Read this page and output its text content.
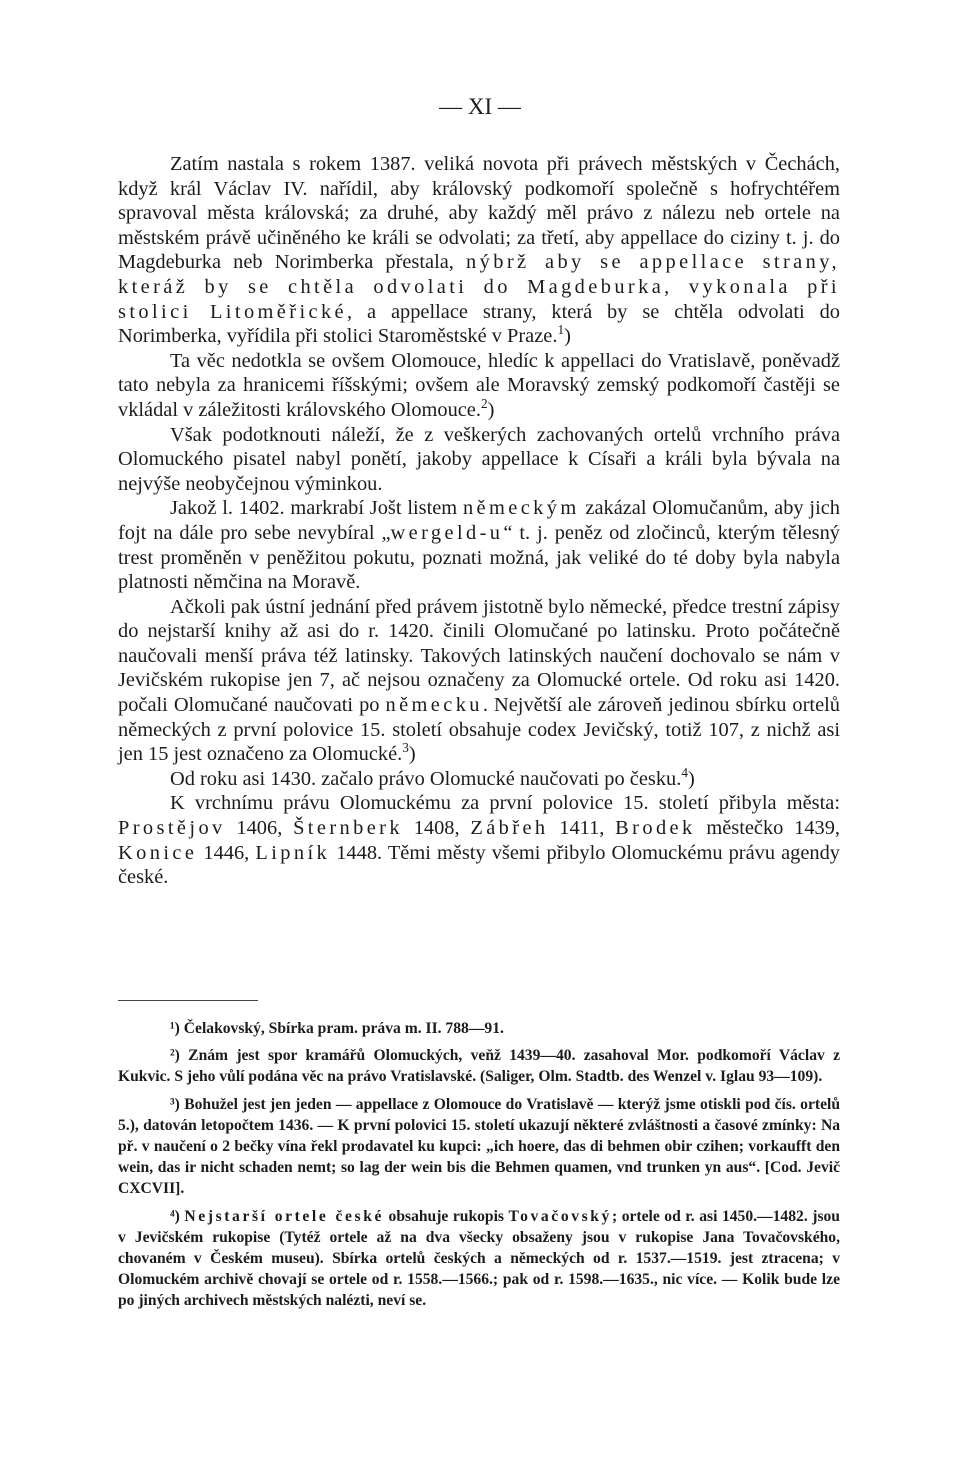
— XI —

Zatím nastala s rokem 1387. veliká novota při právech městských v Čechách, když král Václav IV. nařídil, aby královský podkomoří společně s hofrychtéřem spravoval města královská; za druhé, aby každý měl právo z nálezu neb ortele na městském právě učiněného ke králi se odvolati; za třetí, aby appellace do ciziny t. j. do Magdeburka neb Norimberka přestala, nýbrž aby se appellace strany, kteráž by se chtěla odvolati do Magdeburka, vykonala při stolici Litoměřické, a appellace strany, která by se chtěla odvolati do Norimberka, vyřídila při stolici Staroměstské v Praze.$^1$)

Ta věc nedotkla se ovšem Olomouce, hledíc k appellaci do Vratislavě, poněvadž tato nebyla za hranicemi říšskými; ovšem ale Moravský zemský podkomoří častěji se vkládal v záležitosti královského Olomouce.$^2$)

Však podotknouti náleží, že z veškerých zachovaných ortelů vrchního práva Olomuckého pisatel nabyl ponětí, jakoby appellace k Císaři a králi byla bývala na nejvýše neobyčejnou výminkou.

Jakož l. 1402. markrabí Jošt listem německým zakázal Olomučanům, aby jich fojt na dále pro sebe nevybíral „wergeld-u“ t. j. peněz od zločinců, kterým tělesný trest proměněn v peněžitou pokutu, poznati možná, jak veliké do té doby byla nabyla platnosti němčina na Moravě.

Ačkoli pak ústní jednání před právem jistotně bylo německé, předce trestní zápisy do nejstarší knihy až asi do r. 1420. činili Olomučané po latinsku. Proto počátečně naučovali menší práva též latinsky. Takových latinských naučení dochovalo se nám v Jevičském rukopise jen 7, ač nejsou označeny za Olomucké ortele. Od roku asi 1420. počali Olomučané naučovati po německu. Největší ale zároveň jedinou sbírku ortelů německých z první polovice 15. století obsahuje codex Jevičský, totiž 107, z nichž asi jen 15 jest označeno za Olomucké.$^3$)

Od roku asi 1430. začalo právo Olomucké naučovati po česku.$^4$)

K vrchnímu právu Olomuckému za první polovice 15. století přibyla města: Prostějov 1406, Šternberk 1408, Zábřeh 1411, Brodek městečko 1439, Konice 1446, Lipník 1448. Těmi městy všemi přibylo Olomuckému právu agendy české.

¹) Čelakovský, Sbírka pram. práva m. II. 788—91.

²) Znám jest spor kramářů Olomuckých, veňž 1439—40. zasahoval Mor. podkomoří Václav z Kukvic. S jeho vůlí podána věc na právo Vratislavské. (Saliger, Olm. Stadtb. des Wenzel v. Iglau 93—109).

³) Bohužel jest jen jeden — appellace z Olomouce do Vratislavě — kterýž jsme otiskli pod čís. ortelů 5.), datován letopočtem 1436. — K první polovici 15. století ukazují některé zvláštnosti a časové zmínky: Na př. v naučení o 2 bečky vína řekl prodavatel ku kupci: „ich hoere, das di behmen obir czihen; vorkaufft den wein, das ir nicht schaden nemt; so lag der wein bis die Behmen quamen, vnd trunken yn aus“. [Cod. Jevič CXCVII].

⁴) Nejstarší ortele české obsahuje rukopis Tovačovský; ortele od r. asi 1450.—1482. jsou v Jevičském rukopise (Tytéž ortele až na dva všecky obsaženy jsou v rukopise Jana Tovačovského, chovaném v Českém museu). Sbírka ortelů českých a německých od r. 1537.—1519. jest ztracena; v Olomuckém archivě chovají se ortele od r. 1558.—1566.; pak od r. 1598.—1635., nic více. — Kolik bude lze po jiných archivech městských nalézti, neví se.
